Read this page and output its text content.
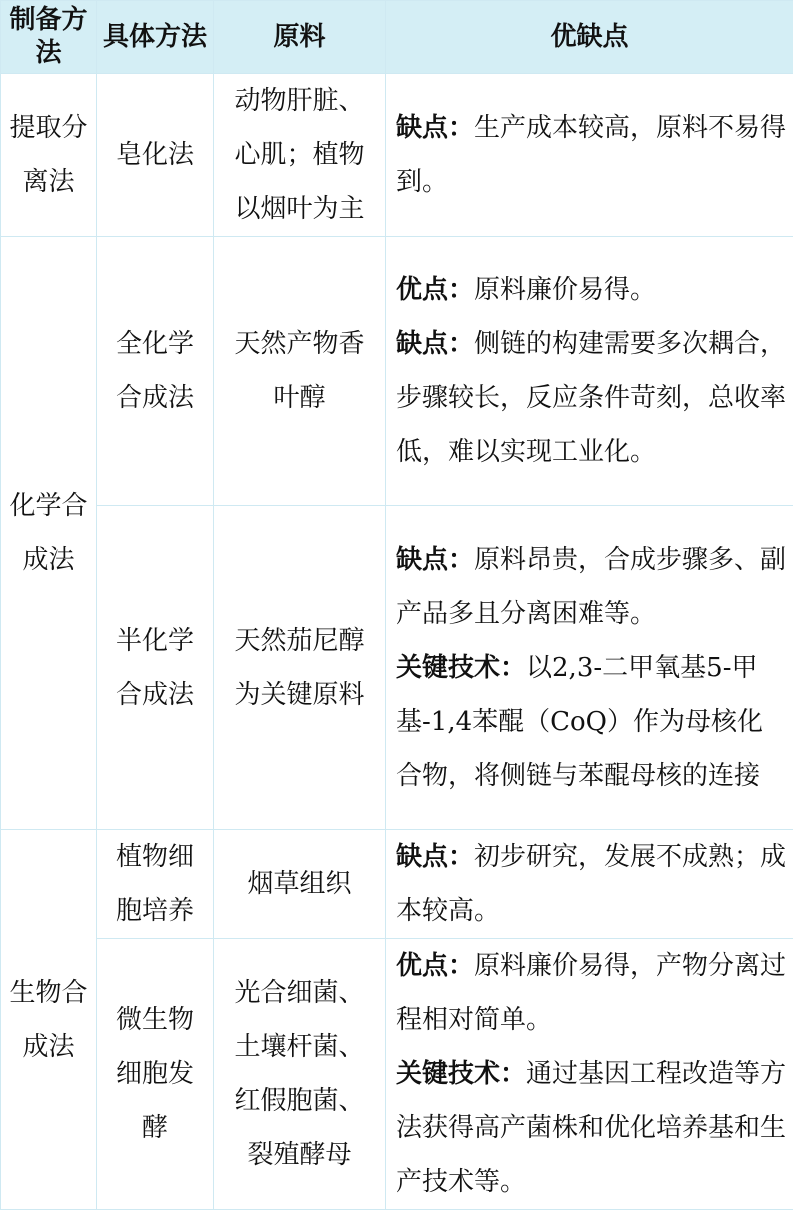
制备方法	具体方法	原料	优缺点
提取分离法	皂化法	动物肝脏、心肌；植物以烟叶为主	缺点：生产成本较高，原料不易得到。

化学合成法	全化学合成法	天然产物香叶醇	优点：原料廉价易得。

缺点：侧链的构建需要多次耦合，步骤较长，反应条件苛刻，总收率低，难以实现工业化。

	半化学合成法	天然茄尼醇为关键原料	缺点：原料昂贵，合成步骤多、副产品多且分离困难等。

关键技术：以2,3-二甲氧基5-甲基-1,4苯醌（CoQ）作为母核化合物，将侧链与苯醌母核的连接

生物合成法	植物细胞培养	烟草组织	缺点：初步研究，发展不成熟；成本较高。

	微生物细胞发酵	光合细菌、土壤杆菌、红假胞菌、裂殖酵母	优点：原料廉价易得，产物分离过程相对简单。

关键技术：通过基因工程改造等方法获得高产菌株和优化培养基和生产技术等。
